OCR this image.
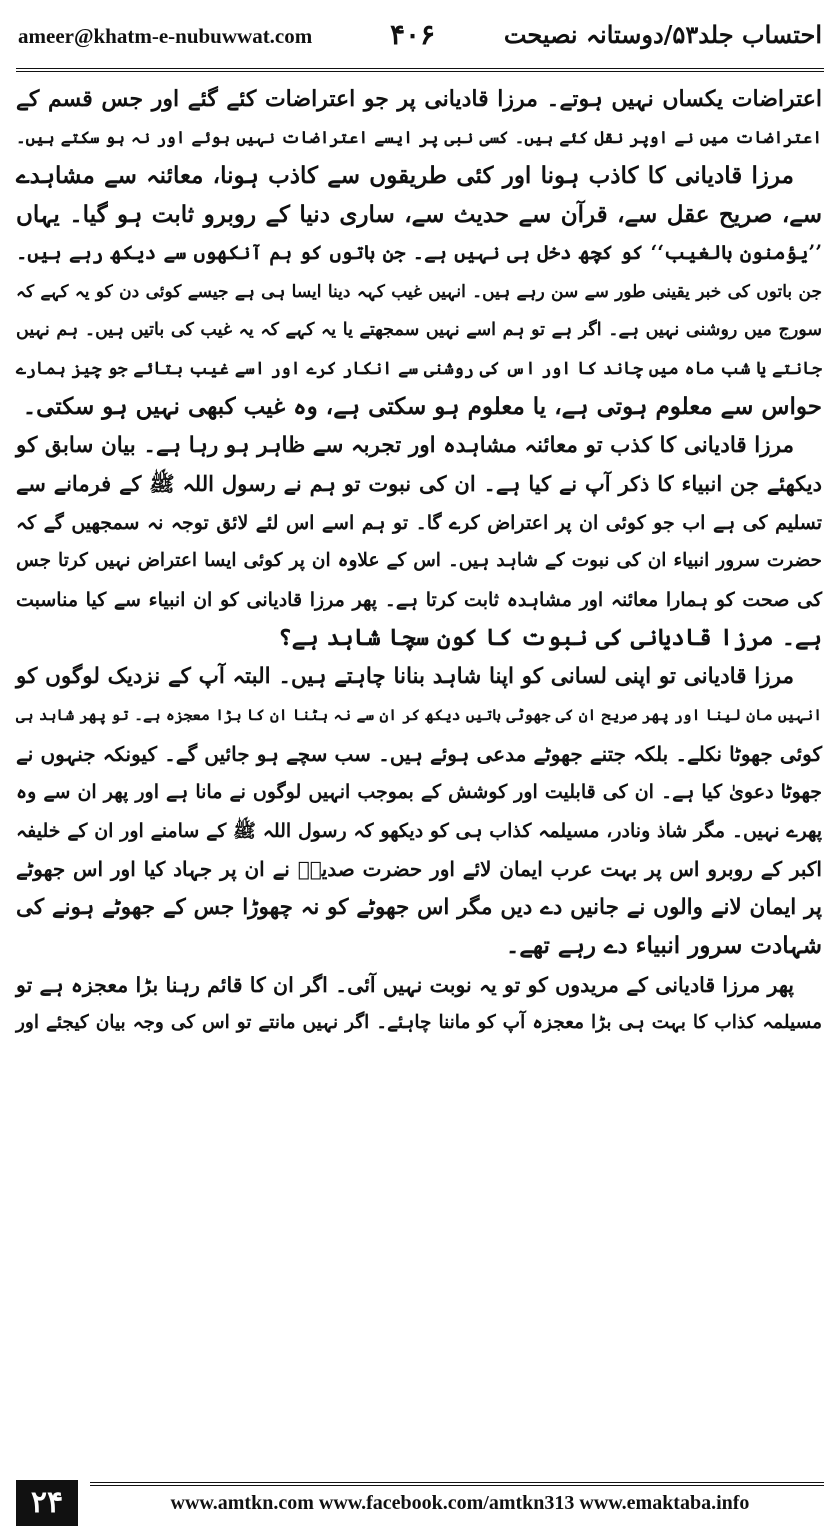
ameer@khatm-e-nubuwwat.com	۴۰۶	احتساب جلد۵۳/دوستانہ نصیحت
اعتراضات یکساں نہیں ہوتے۔ مرزا قادیانی پر جو اعتراضات کئے گئے اور جس قسم کے
اعتراضات میں نے اوپر نقل کئے ہیں۔ کسی نبی پر ایسے اعتراضات نہیں ہوئے اور نہ ہو سکتے ہیں۔
مرزا قادیانی کا کاذب ہونا اور کئی طریقوں سے کاذب ہونا، معائنہ سے مشاہدے
سے، صریح عقل سے، قرآن سے حدیث سے، ساری دنیا کے روبرو ثابت ہو گیا۔ یہاں
’’یؤمنون بالغیب‘‘ کو کچھ دخل ہی نہیں ہے۔ جن باتوں کو ہم آنکھوں سے دیکھ رہے ہیں۔
جن باتوں کی خبر یقینی طور سے سن رہے ہیں۔ انہیں غیب کہہ دینا ایسا ہی ہے جیسے کوئی دن کو یہ کہے کہ
سورج میں روشنی نہیں ہے۔ اگر ہے تو ہم اسے نہیں سمجھتے یا یہ کہے کہ یہ غیب کی باتیں ہیں۔ ہم نہیں
جانتے یا شب ماہ میں چاند کا اور اس کی روشنی سے انکار کرے اور اسے غیب بتائے جو چیز ہمارے
حواس سے معلوم ہوتی ہے، یا معلوم ہو سکتی ہے، وہ غیب کبھی نہیں ہو سکتی۔
مرزا قادیانی کا کذب تو معائنہ مشاہدہ اور تجربہ سے ظاہر ہو رہا ہے۔ بیان سابق کو
دیکھئے جن انبیاء کا ذکر آپ نے کیا ہے۔ ان کی نبوت تو ہم نے رسول اللہ ﷺ کے فرمانے سے
تسلیم کی ہے اب جو کوئی ان پر اعتراض کرے گا۔ تو ہم اسے اس لئے لائق توجہ نہ سمجھیں گے کہ
حضرت سرور انبیاء ان کی نبوت کے شاہد ہیں۔ اس کے علاوہ ان پر کوئی ایسا اعتراض نہیں کرتا جس
کی صحت کو ہمارا معائنہ اور مشاہدہ ثابت کرتا ہے۔ پھر مرزا قادیانی کو ان انبیاء سے کیا مناسبت
ہے۔ مرزا قادیانی کی نبوت کا کون سچا شاہد ہے؟
مرزا قادیانی تو اپنی لسانی کو اپنا شاہد بنانا چاہتے ہیں۔ البتہ آپ کے نزدیک لوگوں کو
انہیں مان لینا اور پھر صریح ان کی جھوٹی باتیں دیکھ کر ان سے نہ ہٹنا ان کا بڑا معجزہ ہے۔ تو پھر شاہد ہی
کوئی جھوٹا نکلے۔ بلکہ جتنے جھوٹے مدعی ہوئے ہیں۔ سب سچے ہو جائیں گے۔ کیونکہ جنہوں نے
جھوٹا دعویٰ کیا ہے۔ ان کی قابلیت اور کوشش کے بموجب انہیں لوگوں نے مانا ہے اور پھر ان سے وہ
پھرے نہیں۔ مگر شاذ ونادر، مسیلمہ کذاب ہی کو دیکھو کہ رسول اللہ ﷺ کے سامنے اور ان کے خلیفہ
اکبر کے روبرو اس پر بہت عرب ایمان لائے اور حضرت صدیقؓ نے ان پر جہاد کیا اور اس جھوٹے
پر ایمان لانے والوں نے جانیں دے دیں مگر اس جھوٹے کو نہ چھوڑا جس کے جھوٹے ہونے کی
شہادت سرور انبیاء دے رہے تھے۔
پھر مرزا قادیانی کے مریدوں کو تو یہ نوبت نہیں آئی۔ اگر ان کا قائم رہنا بڑا معجزہ ہے تو
مسیلمہ کذاب کا بہت ہی بڑا معجزہ آپ کو ماننا چاہئے۔ اگر نہیں مانتے تو اس کی وجہ بیان کیجئے اور
۲۴	www.amtkn.com www.facebook.com/amtkn313 www.emaktaba.info
